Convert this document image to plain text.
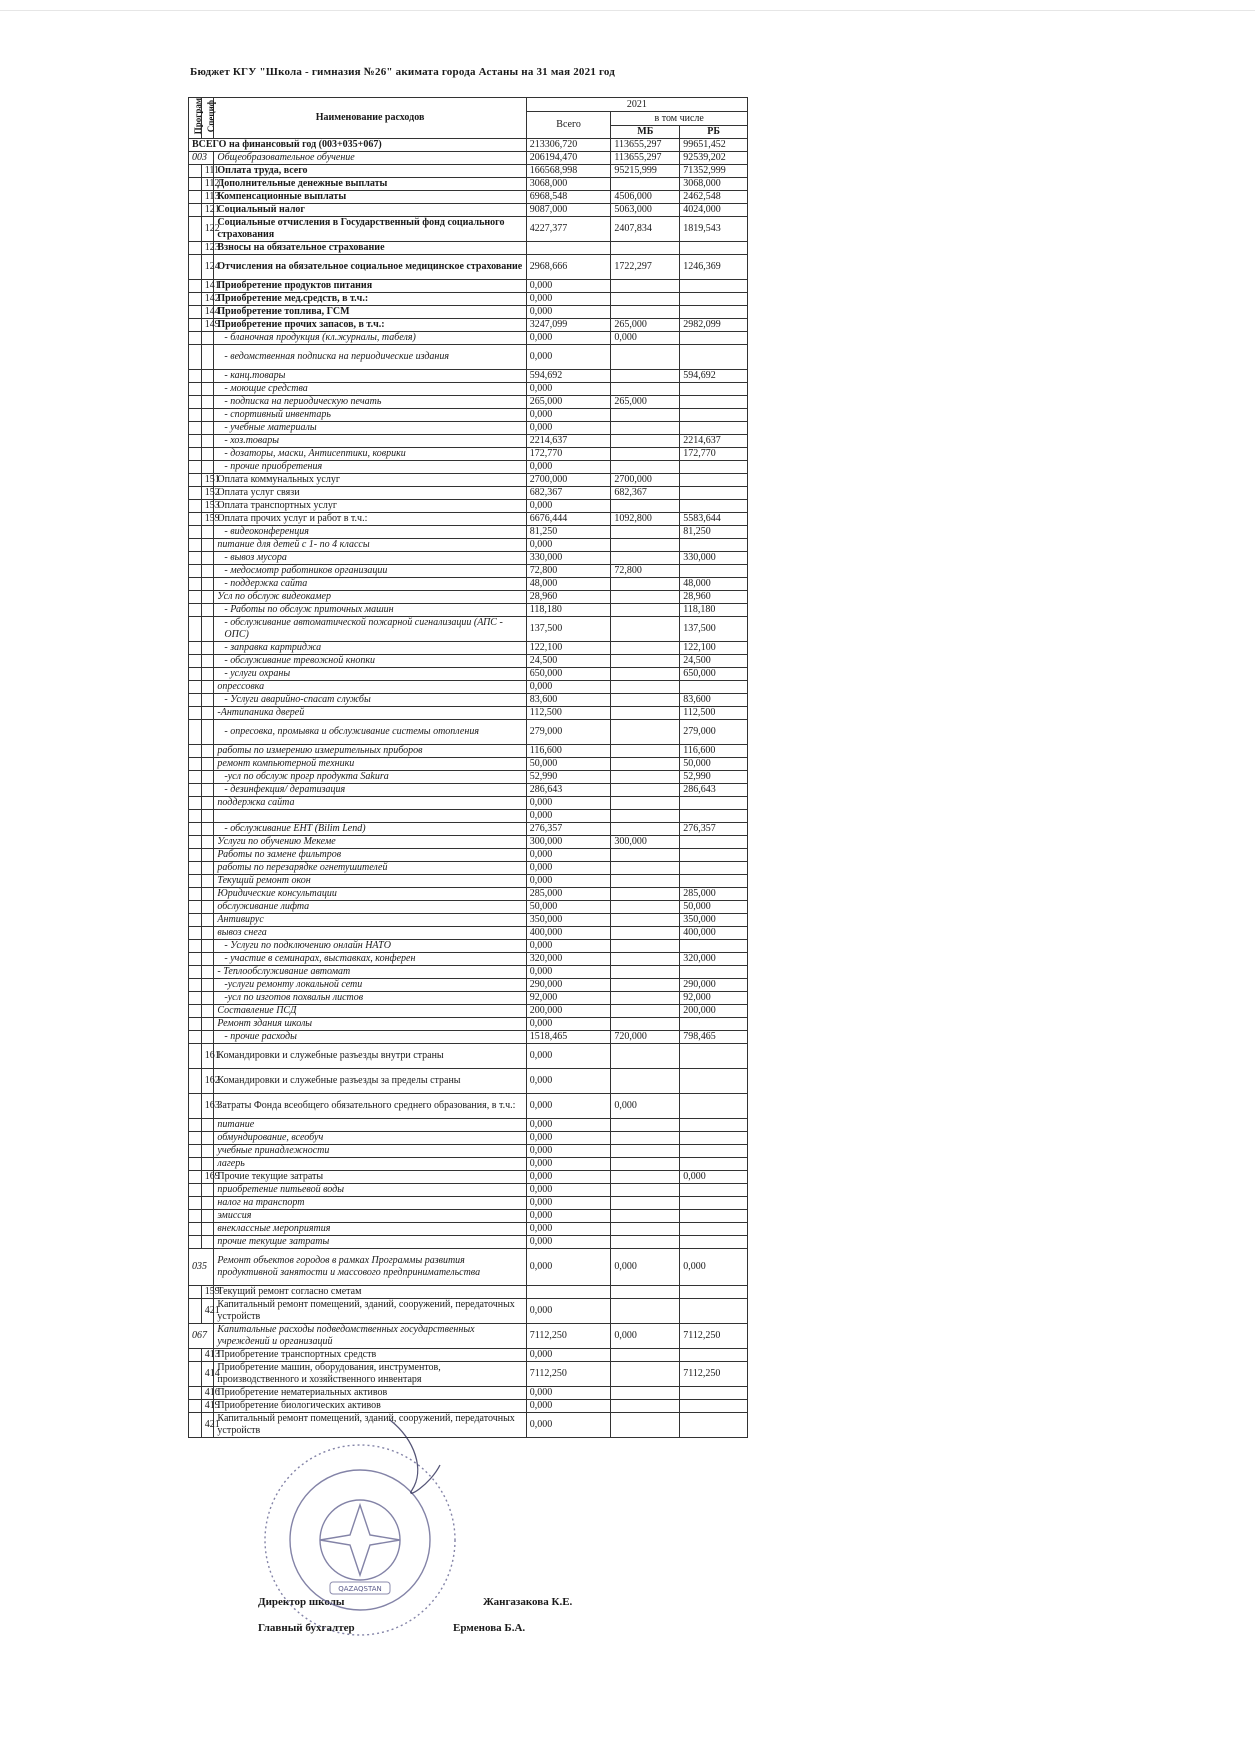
Бюджет КГУ "Школа - гимназия №26" акимата города Астаны на 31 мая 2021 год
Програм	Специф	Наименование расходов	2021		
			Всего	в том числе	
				МБ	РБ
ВСЕГО на финансовый год (003+035+067)			213306,720	113655,297	99651,452
003		Общеобразовательное обучение	206194,470	113655,297	92539,202
	111	Оплата труда, всего	166568,998	95215,999	71352,999
	112	Дополнительные денежные выплаты	3068,000		3068,000
	113	Компенсационные выплаты	6968,548	4506,000	2462,548
	121	Социальный налог	9087,000	5063,000	4024,000
	122	Социальные отчисления в Государственный фонд социального страхования	4227,377	2407,834	1819,543
	123	Взносы на обязательное страхование			
	124	Отчисления на обязательное социальное медицинское страхование	2968,666	1722,297	1246,369
	141	Приобретение продуктов питания	0,000		
	142	Приобретение мед.средств, в т.ч.:	0,000		
	144	Приобретение топлива, ГСМ	0,000		
	149	Приобретение прочих запасов, в т.ч.:	3247,099	265,000	2982,099
		- бланочная продукция (кл.журналы, табеля)	0,000	0,000	
		- ведомственная подписка на периодические издания	0,000		
		- канц.товары	594,692		594,692
		- моющие средства	0,000		
		- подписка на периодическую печать	265,000	265,000	
		- спортивный инвентарь	0,000		
		- учебные материалы	0,000		
		- хоз.товары	2214,637		2214,637
		- дозаторы, маски, Антисептики, коврики	172,770		172,770
		- прочие приобретения	0,000		
	151	Оплата коммунальных услуг	2700,000	2700,000	
	152	Оплата услуг связи	682,367	682,367	
	153	Оплата транспортных услуг	0,000		
	159	Оплата прочих услуг и работ в т.ч.:	6676,444	1092,800	5583,644
		- видеоконференция	81,250		81,250
		питание для детей с 1- по 4 классы	0,000		
		- вывоз мусора	330,000		330,000
		- медосмотр работников организации	72,800	72,800	
		- поддержка сайта	48,000		48,000
		Усл по обслуж видеокамер	28,960		28,960
		- Работы по обслуж приточных машин	118,180		118,180
		- обслуживание автоматической пожарной сигнализации (АПС - ОПС)	137,500		137,500
		- заправка картриджа	122,100		122,100
		- обслуживание тревожной кнопки	24,500		24,500
		- услуги охраны	650,000		650,000
		опрессовка	0,000		
		- Услуги аварийно-спасат службы	83,600		83,600
		-Антипаника дверей	112,500		112,500
		- опресовка, промывка и обслуживание системы отопления	279,000		279,000
		работы по измерению измерительных приборов	116,600		116,600
		ремонт компьютерной техники	50,000		50,000
		-усл по обслуж прогр продукта Sakura	52,990		52,990
		- дезинфекция/ дератизация	286,643		286,643
		поддержка сайта	0,000		
			0,000		
		- обслуживание ЕНТ (Bilim Lend)	276,357		276,357
		Услуги по обучению Мекеме	300,000	300,000	
		Работы по замене фильтров	0,000		
		работы по перезарядке огнетушителей	0,000		
		Текущий ремонт окон	0,000		
		Юридические консультации	285,000		285,000
		обслуживание лифта	50,000		50,000
		Антивирус	350,000		350,000
		вывоз снега	400,000		400,000
		- Услуги по подключению онлайн НАТО	0,000		
		- участие в семинарах, выставках, конферен	320,000		320,000
		- Теплообслуживание автомат	0,000		
		-услуги ремонту локальной сети	290,000		290,000
		-усл по изготов похвальн листов	92,000		92,000
		Составление ПСД	200,000		200,000
		Ремонт здания школы	0,000		
		- прочие расходы	1518,465	720,000	798,465
	161	Командировки и служебные разъезды внутри страны	0,000		
	162	Командировки и служебные разъезды за пределы страны	0,000		
	163	Затраты Фонда всеобщего обязательного среднего образования, в т.ч.:	0,000	0,000	
		питание	0,000		
		обмундирование, всеобуч	0,000		
		учебные принадлежности	0,000		
		лагерь	0,000		
	169	Прочие текущие затраты	0,000		0,000
		приобретение питьевой воды	0,000		
		налог на транспорт	0,000		
		эмиссия	0,000		
		внеклассные мероприятия	0,000		
		прочие текущие затраты	0,000		
035		Ремонт объектов городов в рамках Программы развития продуктивной занятости и массового предпринимательства	0,000	0,000	0,000
	159	Текущий ремонт согласно сметам			
	421	Капитальный ремонт помещений, зданий, сооружений, передаточных устройств	0,000		
067		Капитальные расходы подведомственных государственных учреждений и организаций	7112,250	0,000	7112,250
	413	Приобретение транспортных средств	0,000		
	414	Приобретение машин, оборудования, инструментов, производственного и хозяйственного инвентаря	7112,250		7112,250
	416	Приобретение нематериальных активов	0,000		
	419	Приобретение биологических активов	0,000		
	421	Капитальный ремонт помещений, зданий, сооружений, передаточных устройств	0,000		
Директор школы	Жангазакова К.Е.
Главный бухгалтер	Ерменова Б.А.
QAZAQSTAN
